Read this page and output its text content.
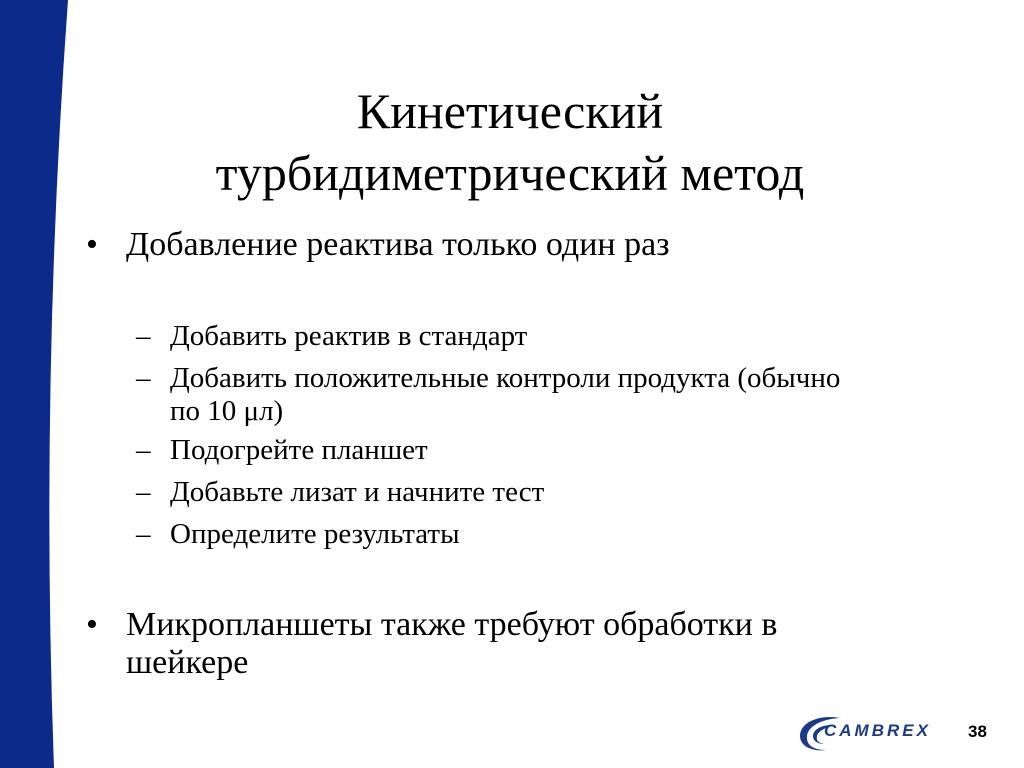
Кинетический
турбидиметрический метод
• Добавление реактива только один раз
– Добавить реактив в стандарт
– Добавить положительные контроли продукта (обычно
по 10 μл)
– Подогрейте планшет
– Добавьте лизат и начните тест
– Определите результаты
• Микропланшеты также требуют обработки в
шейкере
CAMBREX 38
